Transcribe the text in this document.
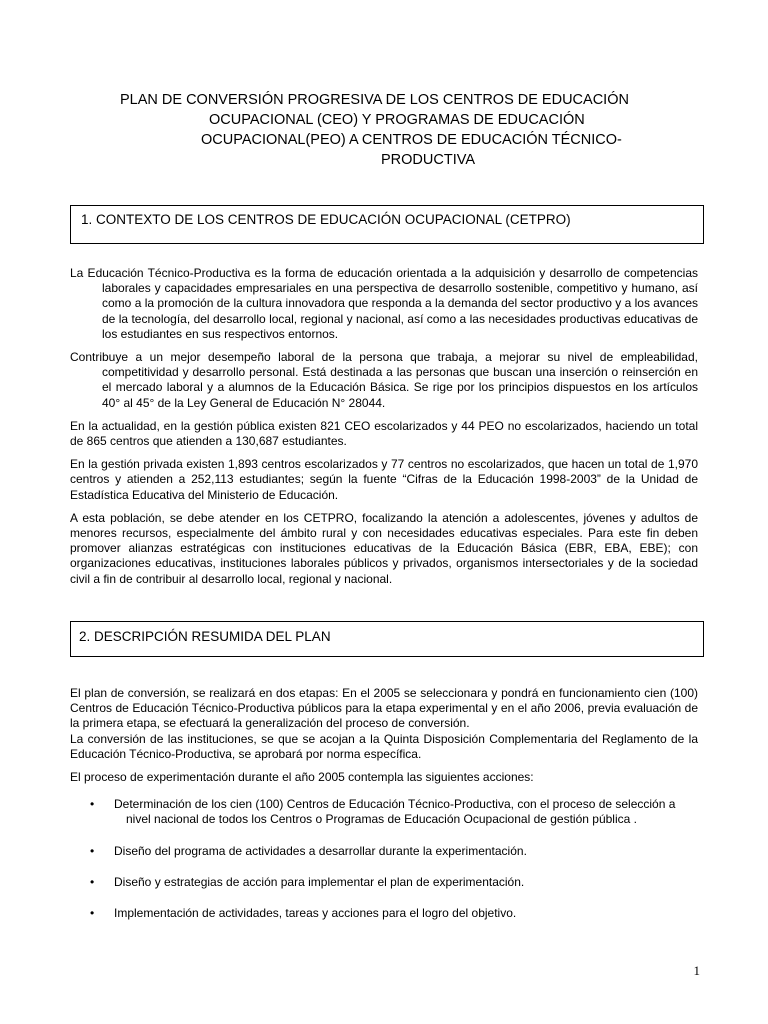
PLAN DE CONVERSIÓN PROGRESIVA DE LOS CENTROS DE EDUCACIÓN
OCUPACIONAL (CEO) Y PROGRAMAS DE EDUCACIÓN
OCUPACIONAL(PEO) A CENTROS DE EDUCACIÓN TÉCNICO-
PRODUCTIVA
1. CONTEXTO DE LOS CENTROS DE EDUCACIÓN OCUPACIONAL (CETPRO)

La Educación Técnico-Productiva es la forma de educación orientada a la adquisición y desarrollo de competencias laborales y capacidades empresariales en una perspectiva de desarrollo sostenible, competitivo y humano, así como a la promoción de la cultura innovadora que responda a la demanda del sector productivo y a los avances de la tecnología, del desarrollo local, regional y nacional, así como a las necesidades productivas educativas de los estudiantes en sus respectivos entornos.

Contribuye a un mejor desempeño laboral de la persona que trabaja, a mejorar su nivel de empleabilidad, competitividad y desarrollo personal. Está destinada a las personas que buscan una inserción o reinserción en el mercado laboral y a alumnos de la Educación Básica. Se rige por los principios dispuestos en los artículos 40° al 45° de la Ley General de Educación N° 28044.

En la actualidad, en la gestión pública existen 821 CEO escolarizados y 44 PEO no escolarizados, haciendo un total de 865 centros que atienden a 130,687 estudiantes.

En la gestión privada existen 1,893 centros escolarizados y 77 centros no escolarizados, que hacen un total de 1,970 centros y atienden a 252,113 estudiantes; según la fuente “Cifras de la Educación 1998-2003” de la Unidad de Estadística Educativa del Ministerio de Educación.

A esta población, se debe atender en los CETPRO, focalizando la atención a adolescentes, jóvenes y adultos de menores recursos, especialmente del ámbito rural y con necesidades educativas especiales. Para este fin deben promover alianzas estratégicas con instituciones educativas de la Educación Básica (EBR, EBA, EBE); con organizaciones educativas, instituciones laborales públicos y privados, organismos intersectoriales y de la sociedad civil a fin de contribuir al desarrollo local, regional y nacional.

2. DESCRIPCIÓN RESUMIDA DEL PLAN

El plan de conversión, se realizará en dos etapas: En el 2005 se seleccionara y pondrá en funcionamiento cien (100) Centros de Educación Técnico-Productiva públicos para la etapa experimental y en el año 2006, previa evaluación de la primera etapa, se efectuará la generalización del proceso de conversión.

La conversión de las instituciones, se que se acojan a la Quinta Disposición Complementaria del Reglamento de la Educación Técnico-Productiva, se aprobará por norma específica.

El proceso de experimentación durante el año 2005 contempla las siguientes acciones:

• Determinación de los cien (100) Centros de Educación Técnico-Productiva, con el proceso de selección a nivel nacional de todos los Centros o Programas de Educación Ocupacional de gestión pública .
• Diseño del programa de actividades a desarrollar durante la experimentación.
• Diseño y estrategias de acción para implementar el plan de experimentación.
• Implementación de actividades, tareas y acciones para el logro del objetivo.
1
